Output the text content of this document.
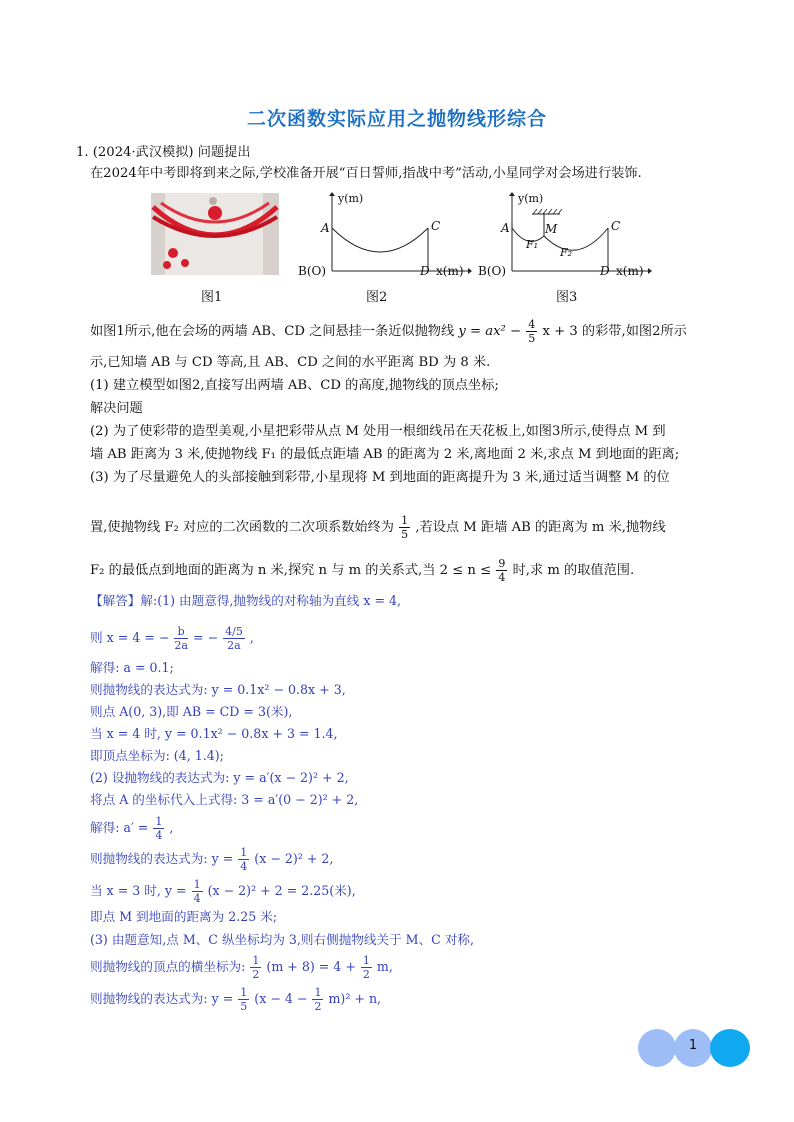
二次函数实际应用之抛物线形综合
1. (2024·武汉模拟) 问题提出
在2024年中考即将到来之际,学校准备开展“百日誓师,指战中考”活动,小星同学对会场进行装饰.
图1
y(m)
A	C
B(O)	D x(m)
图2
y(m)
A	C
M
F₁
F₂
B(O)	D x(m)
图3
如图1所示,他在会场的两墙 AB、CD 之间悬挂一条近似抛物线 $y = ax^2 - \frac{4}{5}$ x + 3 的彩带,如图2所示
示,已知墙 AB 与 CD 等高,且 AB、CD 之间的水平距离 BD 为 8 米.
(1) 建立模型如图2,直接写出两墙 AB、CD 的高度,抛物线的顶点坐标;
解决问题
(2) 为了使彩带的造型美观,小星把彩带从点 M 处用一根细线吊在天花板上,如图3所示,使得点 M 到
墙 AB 距离为 3 米,使抛物线 F₁ 的最低点距墙 AB 的距离为 2 米,离地面 2 米,求点 M 到地面的距离;
(3) 为了尽量避免人的头部接触到彩带,小星现将 M 到地面的距离提升为 3 米,通过适当调整 M 的位
置,使抛物线 F₂ 对应的二次函数的二次项系数始终为 $\frac{1}{5}$ ,若设点 M 距墙 AB 的距离为 m 米,抛物线
F₂ 的最低点到地面的距离为 n 米,探究 n 与 m 的关系式,当 $2 \le n \le \frac{9}{4}$ 时,求 m 的取值范围.
【解答】解:(1) 由题意得,抛物线的对称轴为直线 x = 4,
则 x = 4 = − $\frac{b}{2a}$ = − $\frac{4/5}{2a}$ ,
解得: a = 0.1;
则抛物线的表达式为: y = 0.1x² − 0.8x + 3,
则点 A(0, 3),即 AB = CD = 3(米),
当 x = 4 时, y = 0.1x² − 0.8x + 3 = 1.4,
即顶点坐标为: (4, 1.4);
(2) 设抛物线的表达式为: y = a′(x − 2)² + 2,
将点 A 的坐标代入上式得: 3 = a′(0 − 2)² + 2,
解得: $a' = \frac{1}{4}$ ,
则抛物线的表达式为: $y = \frac{1}{4} (x - 2)^2 + 2$,
当 x = 3 时, $y = \frac{1}{4} (x - 2)^2 + 2 = 2.25$(米),
即点 M 到地面的距离为 2.25 米;
(3) 由题意知,点 M、C 纵坐标均为 3,则右侧抛物线关于 M、C 对称,
则抛物线的顶点的横坐标为: $\frac{1}{2} (m + 8) = 4 + \frac{1}{2} m$,
则抛物线的表达式为: $y = \frac{1}{5} (x - 4 - \frac{1}{2} m)^2 + n$,
1
